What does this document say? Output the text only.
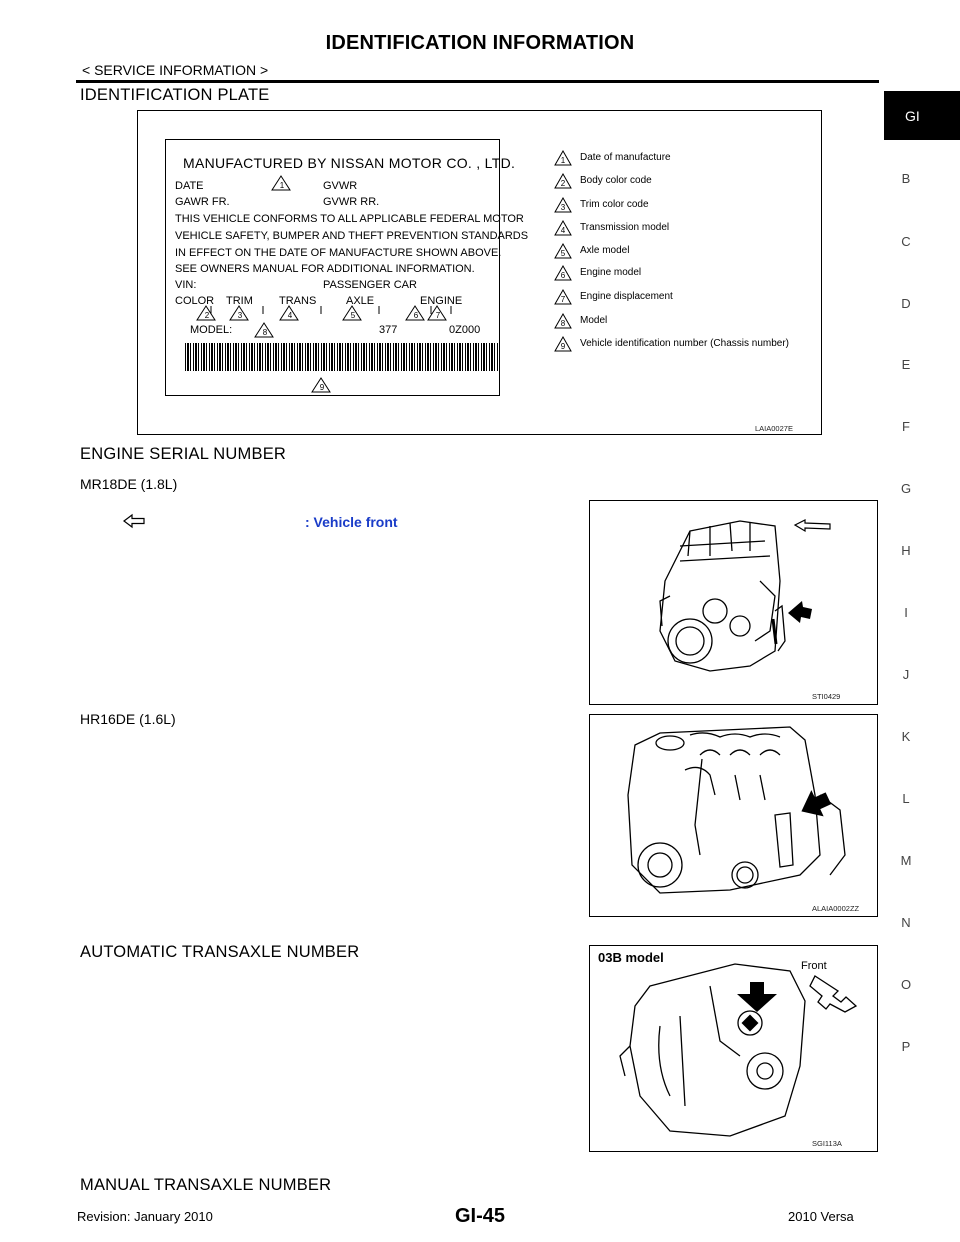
IDENTIFICATION INFORMATION
< SERVICE INFORMATION >
GI
B
C
D
E
F
G
H
I
J
K
L
M
N
O
P
IDENTIFICATION PLATE
MANUFACTURED BY NISSAN MOTOR CO. , LTD.
DATE	GVWR
GAWR FR.	GVWR RR.
THIS VEHICLE CONFORMS TO ALL APPLICABLE FEDERAL MOTOR
VEHICLE SAFETY, BUMPER AND THEFT PREVENTION STANDARDS
IN EFFECT ON THE DATE OF MANUFACTURE SHOWN ABOVE.
SEE OWNERS MANUAL FOR ADDITIONAL INFORMATION.
VIN:	PASSENGER CAR
COLOR TRIM TRANS	AXLE	ENGINE
MODEL:	377	0Z000
1
2	3	4	5	6 7
8
9
1 Date of manufacture
2 Body color code
3 Trim color code
4 Transmission model
5 Axle model
6 Engine model
7 Engine displacement
8 Model
9 Vehicle identification number (Chassis number)
LAIA0027E
ENGINE SERIAL NUMBER
MR18DE (1.8L)
: Vehicle front
STI0429
HR16DE (1.6L)
ALAIA0002ZZ
AUTOMATIC TRANSAXLE NUMBER	03B model
Front
SGI113A
MANUAL TRANSAXLE NUMBER
GI-45
Revision: January 2010	2010 Versa
